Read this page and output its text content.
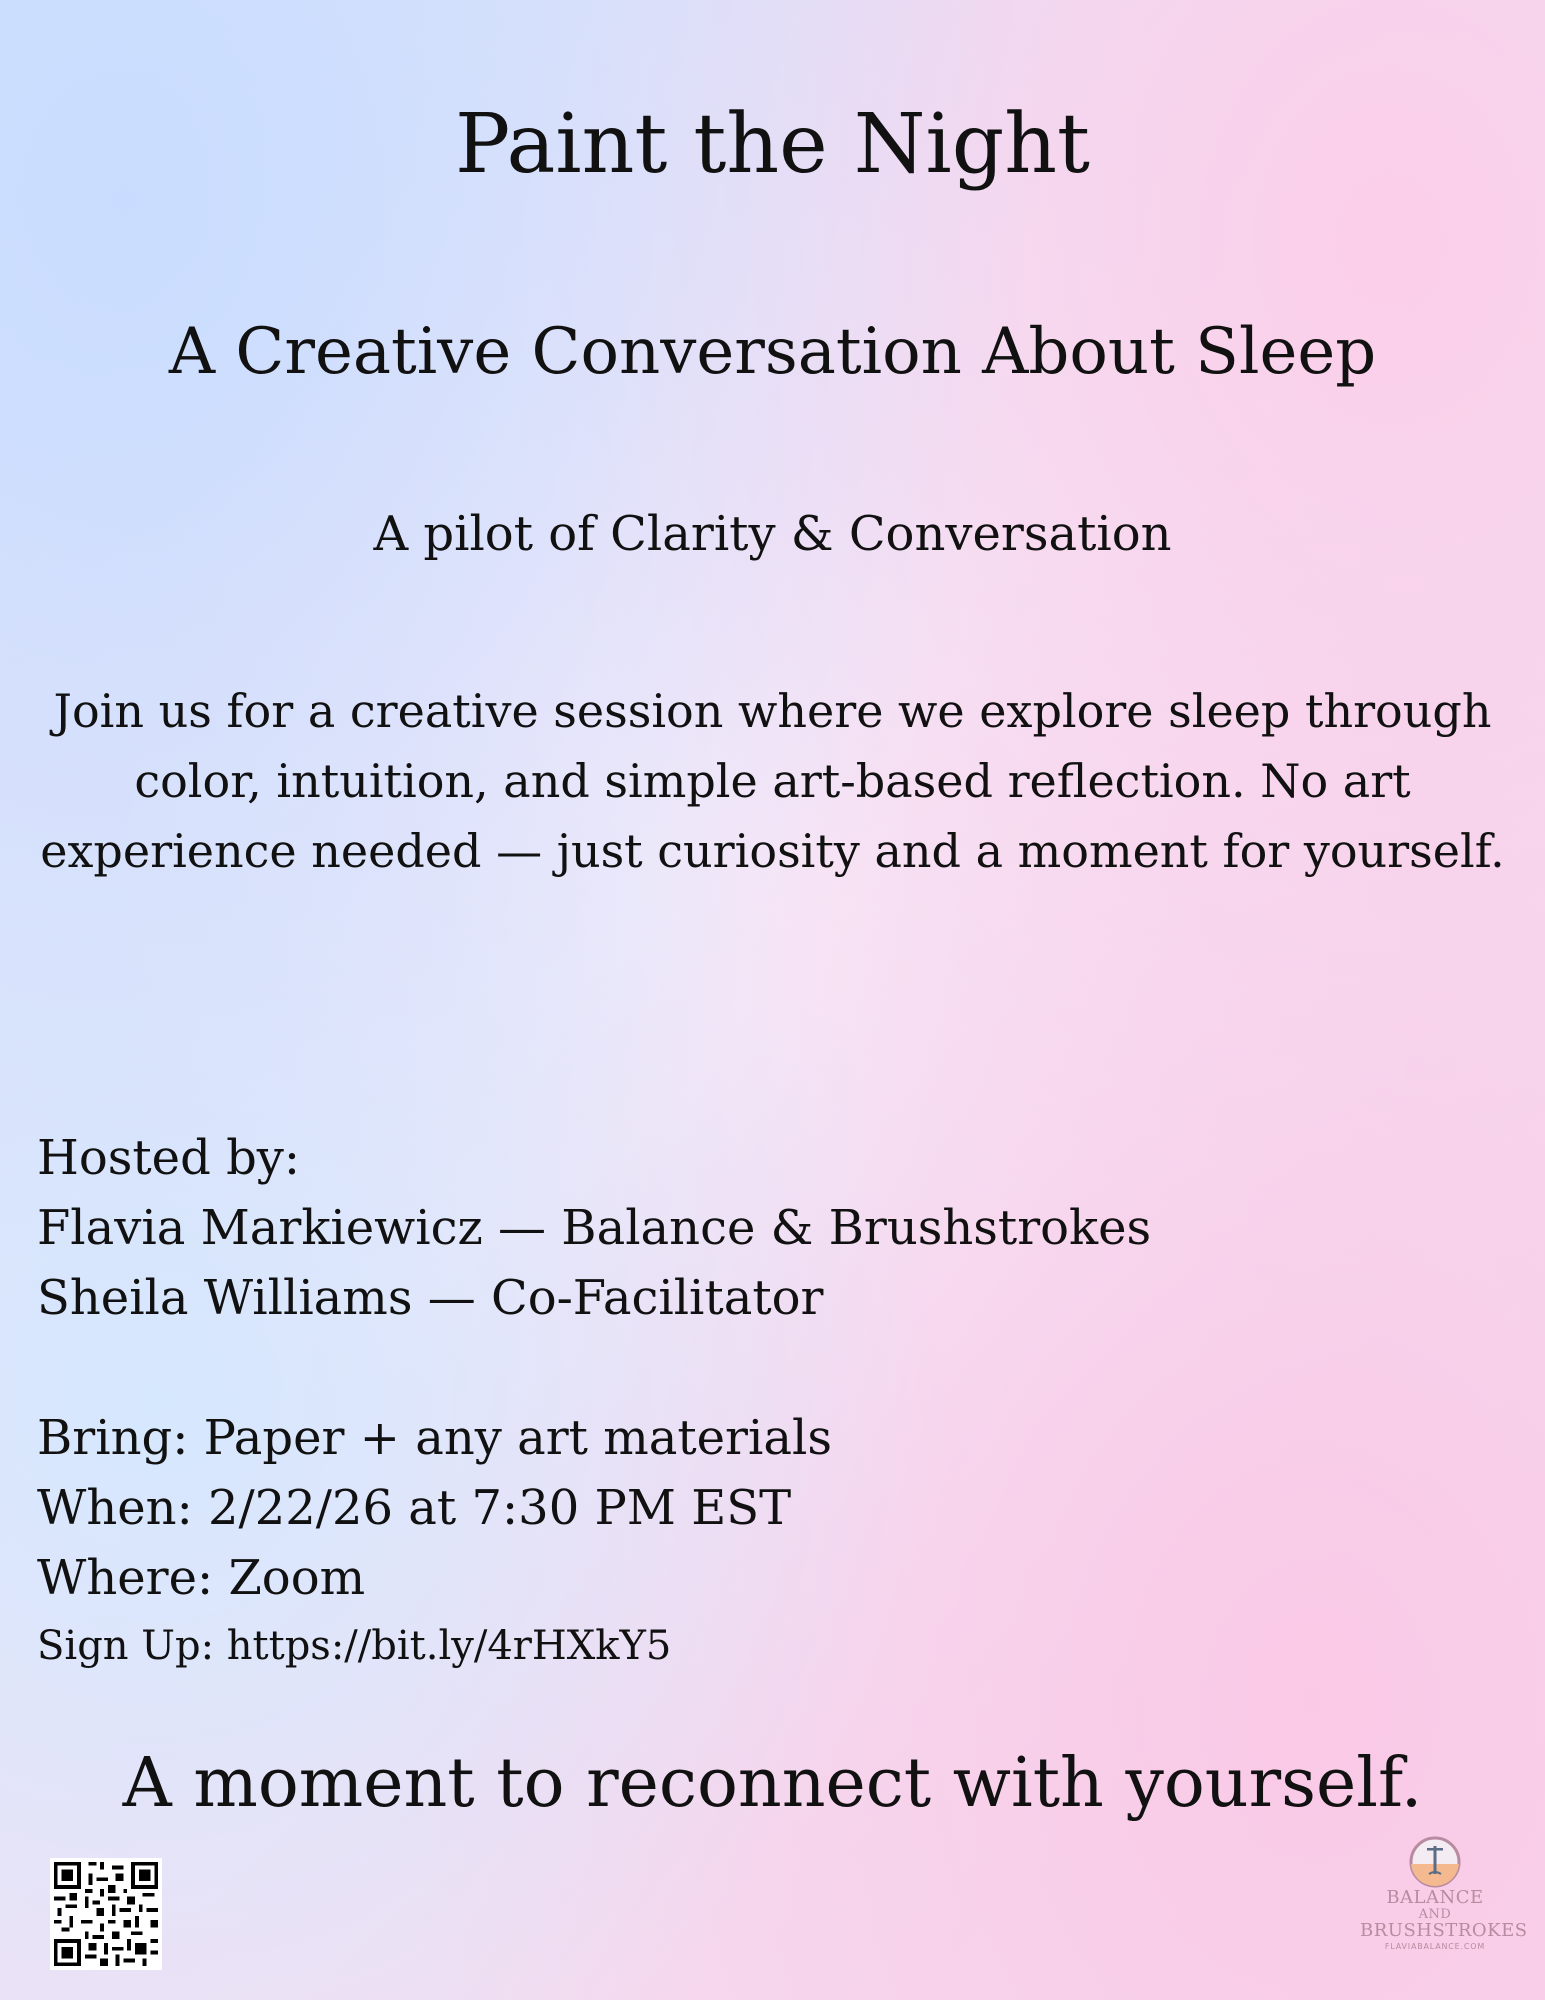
Paint the Night
A Creative Conversation About Sleep

A pilot of Clarity & Conversation

Join us for a creative session where we explore sleep through color, intuition, and simple art-based reflection. No art experience needed — just curiosity and a moment for yourself.

Hosted by:

Flavia Markiewicz — Balance & Brushstrokes

Sheila Williams — Co-Facilitator

Bring: Paper + any art materials

When: 2/22/26 at 7:30 PM EST

Where: Zoom

Sign Up: https://bit.ly/4rHXkY5

A moment to reconnect with yourself.

BALANCE
AND
BRUSHSTROKES
FLAVIABALANCE.COM
